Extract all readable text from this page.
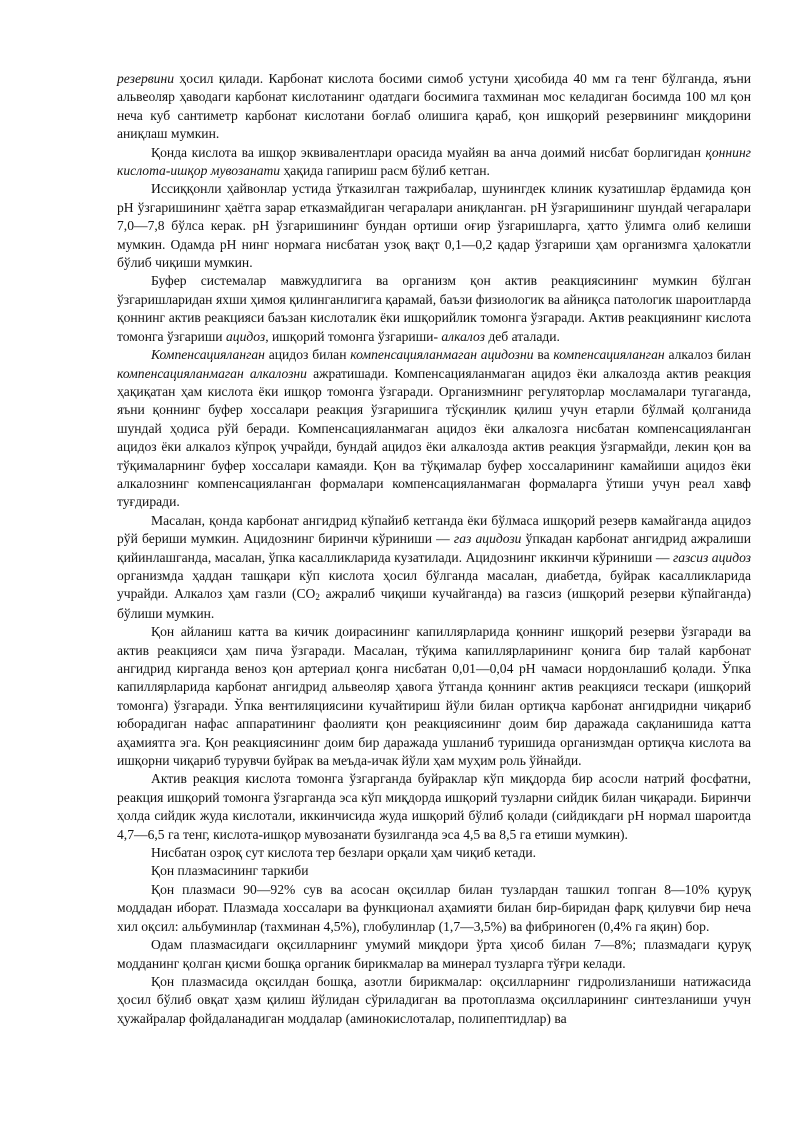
резервини ҳосил қилади. Карбонат кислота босими симоб устуни ҳисобида 40 мм га тенг бўлганда, яъни альвеоляр ҳаводаги карбонат кислотанинг одатдаги босимига тахминан мос келадиган босимда 100 мл қон неча куб сантиметр карбонат кислотани боғлаб олишига қараб, қон ишқорий резервининг миқдорини аниқлаш мумкин.

Қонда кислота ва ишқор эквивалентлари орасида муайян ва анча доимий нисбат борлигидан қоннинг кислота-ишқор мувозанати ҳақида гапириш расм бўлиб кетган.

Иссиққонли ҳайвонлар устида ўтказилган тажрибалар, шунингдек клиник кузатишлар ёрдамида қон pH ўзгаришининг ҳаётга зарар етказмайдиган чегаралари аниқланган. pH ўзгаришининг шундай чегаралари 7,0—7,8 бўлса керак. pH ўзгаришининг бундан ортиши оғир ўзгаришларга, ҳатто ўлимга олиб келиши мумкин. Одамда pH нинг нормага нисбатан узоқ вақт 0,1—0,2 қадар ўзгариши ҳам организмга ҳалокатли бўлиб чиқиши мумкин.

Буфер системалар мавжудлигига ва организм қон актив реакциясининг мумкин бўлган ўзгаришларидан яхши ҳимоя қилинганлигига қарамай, баъзи физиологик ва айниқса патологик шароитларда қоннинг актив реакцияси баъзан кислоталик ёки ишқорийлик томонга ўзгаради. Актив реакциянинг кислота томонга ўзгариши ацидоз, ишқорий томонга ўзгариши- алкалоз деб аталади.

Компенсацияланган ацидоз билан компенсацияланмаган ацидозни ва компенсацияланган алкалоз билан компенсацияланмаган алкалозни ажратишади. Компенсацияланмаган ацидоз ёки алкалозда актив реакция ҳақиқатан ҳам кислота ёки ишқор томонга ўзгаради. Организмнинг регуляторлар мосламалари тугаганда, яъни қоннинг буфер хоссалари реакция ўзгаришига тўсқинлик қилиш учун етарли бўлмай қолганида шундай ҳодиса рўй беради. Компенсацияланмаган ацидоз ёки алкалозга нисбатан компенсацияланган ацидоз ёки алкалоз кўпроқ учрайди, бундай ацидоз ёки алкалозда актив реакция ўзгармайди, лекин қон ва тўқималарнинг буфер хоссалари камаяди. Қон ва тўқималар буфер хоссаларининг камайиши ацидоз ёки алкалознинг компенсацияланган формалари компенсацияланмаган формаларга ўтиши учун реал хавф туғдиради.

Масалан, қонда карбонат ангидрид кўпайиб кетганда ёки бўлмаса ишқорий резерв камайганда ацидоз рўй бериши мумкин. Ацидознинг биринчи кўриниши — газ ацидози ўпкадан карбонат ангидрид ажралиши қийинлашганда, масалан, ўпка касалликларида кузатилади. Ацидознинг иккинчи кўриниши — газсиз ацидоз организмда ҳаддан ташқари кўп кислота ҳосил бўлганда масалан, диабетда, буйрак касалликларида учрайди. Алкалоз ҳам газли ($CO_2$ ажралиб чиқиши кучайганда) ва газсиз (ишқорий резерви кўпайганда) бўлиши мумкин.

Қон айланиш катта ва кичик доирасининг капиллярларида қоннинг ишқорий резерви ўзгаради ва актив реакцияси ҳам пича ўзгаради. Масалан, тўқима капиллярларининг қонига бир талай карбонат ангидрид кирганда веноз қон артериал қонга нисбатан 0,01—0,04 pH чамаси нордонлашиб қолади. Ўпка капиллярларида карбонат ангидрид альвеоляр ҳавога ўтганда қоннинг актив реакцияси тескари (ишқорий томонга) ўзгаради. Ўпка вентиляциясини кучайтириш йўли билан ортиқча карбонат ангидридни чиқариб юборадиган нафас аппаратининг фаолияти қон реакциясининг доим бир даражада сақланишида катта аҳамиятга эга. Қон реакциясининг доим бир даражада ушланиб туришида организмдан ортиқча кислота ва ишқорни чиқариб турувчи буйрак ва меъда-ичак йўли ҳам муҳим роль ўйнайди.

Актив реакция кислота томонга ўзгарганда буйраклар кўп миқдорда бир асосли натрий фосфатни, реакция ишқорий томонга ўзгарганда эса кўп миқдорда ишқорий тузларни сийдик билан чиқаради. Биринчи ҳолда сийдик жуда кислотали, иккинчисида жуда ишқорий бўлиб қолади (сийдикдаги pH нормал шароитда 4,7—6,5 га тенг, кислота-ишқор мувозанати бузилганда эса 4,5 ва 8,5 га етиши мумкин).

Нисбатан озроқ сут кислота тер безлари орқали ҳам чиқиб кетади.

Қон плазмасининг таркиби

Қон плазмаси 90—92% сув ва асосан оқсиллар билан тузлардан ташкил топган 8—10% қуруқ моддадан иборат. Плазмада хоссалари ва функционал аҳамияти билан бир-биридан фарқ қилувчи бир неча хил оқсил: альбуминлар (тахминан 4,5%), глобулинлар (1,7—3,5%) ва фибриноген (0,4% га яқин) бор.

Одам плазмасидаги оқсилларнинг умумий миқдори ўрта ҳисоб билан 7—8%; плазмадаги қуруқ модданинг қолган қисми бошқа органик бирикмалар ва минерал тузларга тўғри келади.

Қон плазмасида оқсилдан бошқа, азотли бирикмалар: оқсилларнинг гидролизланиши натижасида ҳосил бўлиб овқат ҳазм қилиш йўлидан сўриладиган ва протоплазма оқсилларининг синтезланиши учун ҳужайралар фойдаланадиган моддалар (аминокислоталар, полипептидлар) ва
